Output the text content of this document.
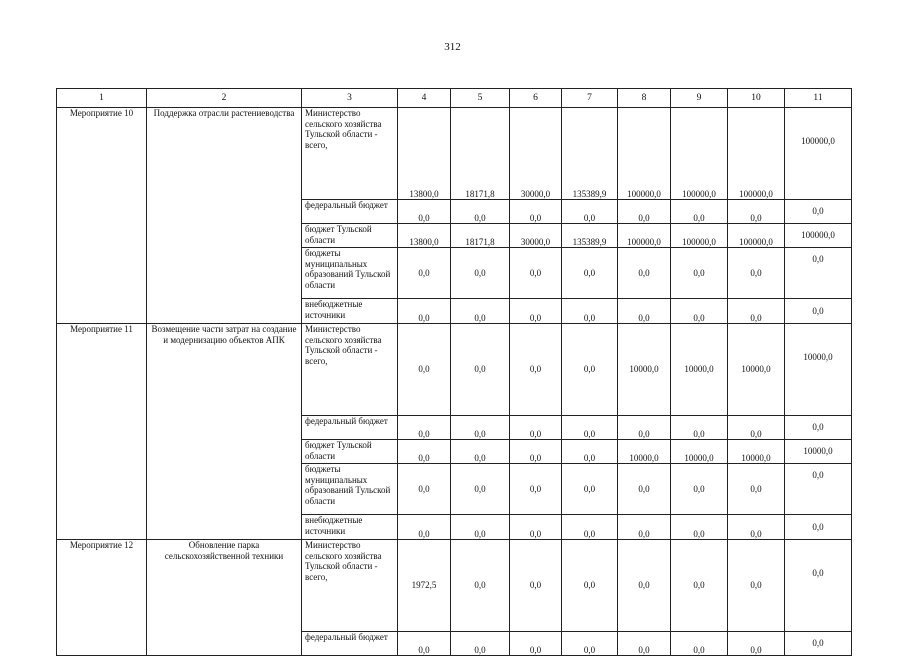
312
1	2	3	4	5	6	7	8	9	10	11
Мероприятие 10	Поддержка отрасли растениеводства	Министерство сельского хозяйства Тульской области - всего,	13800,0	18171,8	30000,0	135389,9	100000,0	100000,0	100000,0	100000,0
		федеральный бюджет	0,0	0,0	0,0	0,0	0,0	0,0	0,0	0,0
		бюджет Тульской области	13800,0	18171,8	30000,0	135389,9	100000,0	100000,0	100000,0	100000,0
		бюджеты муниципальных образований Тульской области	0,0	0,0	0,0	0,0	0,0	0,0	0,0	0,0
		внебюджетные источники	0,0	0,0	0,0	0,0	0,0	0,0	0,0	0,0
Мероприятие 11	Возмещение части затрат на создание и модернизацию объектов АПК	Министерство сельского хозяйства Тульской области - всего,	0,0	0,0	0,0	0,0	10000,0	10000,0	10000,0	10000,0
		федеральный бюджет	0,0	0,0	0,0	0,0	0,0	0,0	0,0	0,0
		бюджет Тульской области	0,0	0,0	0,0	0,0	10000,0	10000,0	10000,0	10000,0
		бюджеты муниципальных образований Тульской области	0,0	0,0	0,0	0,0	0,0	0,0	0,0	0,0
		внебюджетные источники	0,0	0,0	0,0	0,0	0,0	0,0	0,0	0,0
Мероприятие 12	Обновление парка сельскохозяйственной техники	Министерство сельского хозяйства Тульской области - всего,	1972,5	0,0	0,0	0,0	0,0	0,0	0,0	0,0
		федеральный бюджет	0,0	0,0	0,0	0,0	0,0	0,0	0,0	0,0
